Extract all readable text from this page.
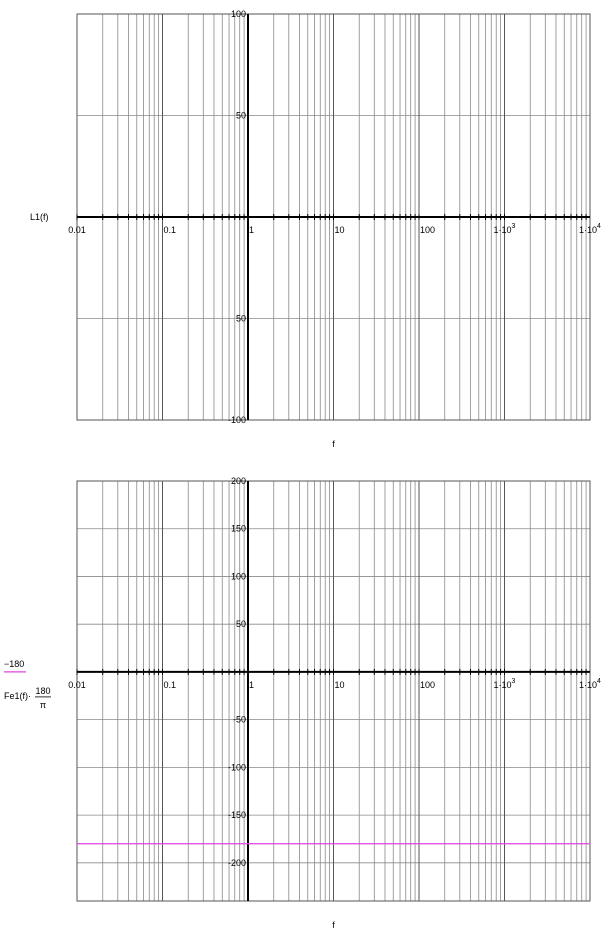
-100
50
50
100
0.01	0.1	1	10	100	$1\cdot 10^3$	$1\cdot 10^4$
f
L1(f)
-200
-150
-100
-50
50
100
150
200
0.01	0.1	1	10	100	$1\cdot 10^3$	$1\cdot 10^4$
f
−180
Fe1(f)· 180
π
